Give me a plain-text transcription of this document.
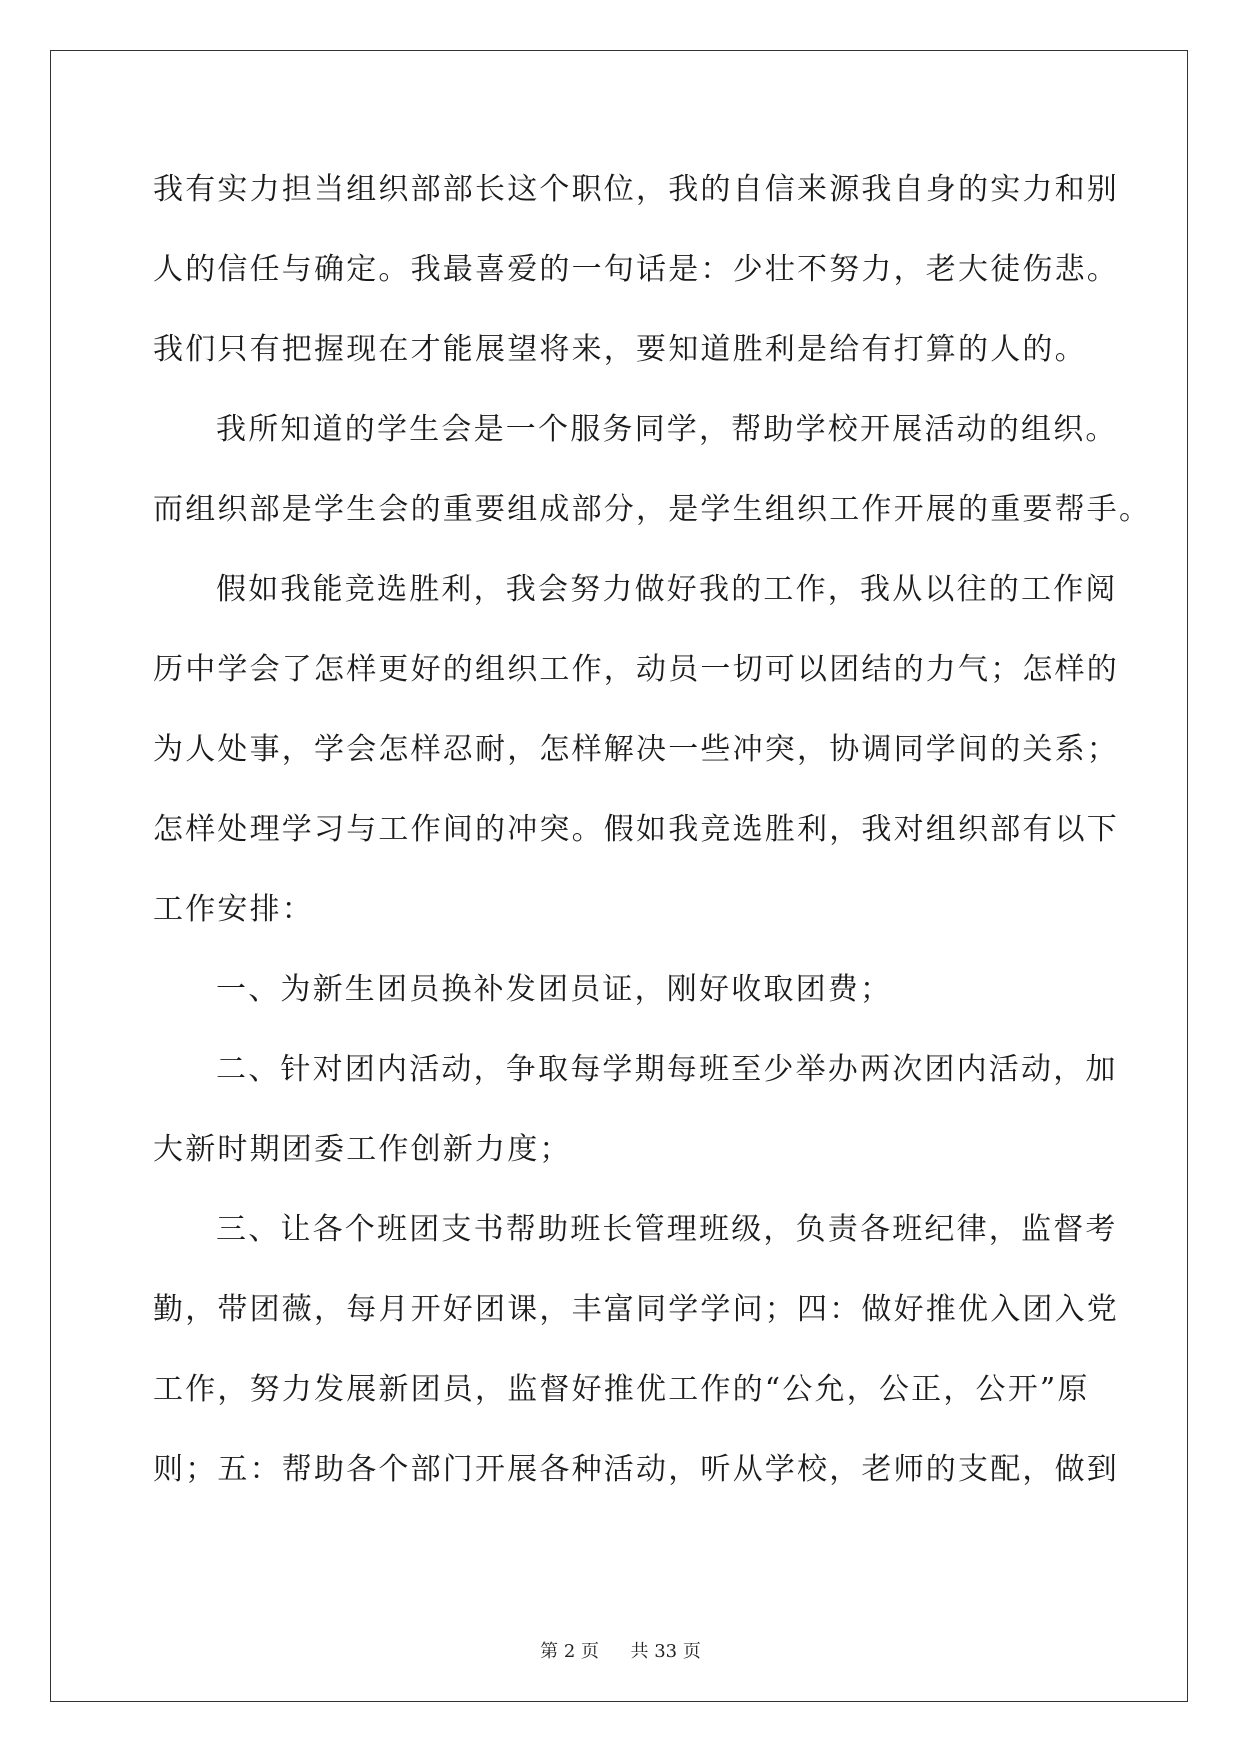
我有实力担当组织部部长这个职位，我的自信来源我自身的实力和别
人的信任与确定。我最喜爱的一句话是：少壮不努力，老大徒伤悲。
我们只有把握现在才能展望将来，要知道胜利是给有打算的人的。
我所知道的学生会是一个服务同学，帮助学校开展活动的组织。
而组织部是学生会的重要组成部分，是学生组织工作开展的重要帮手。
假如我能竞选胜利，我会努力做好我的工作，我从以往的工作阅
历中学会了怎样更好的组织工作，动员一切可以团结的力气；怎样的
为人处事，学会怎样忍耐，怎样解决一些冲突，协调同学间的关系；
怎样处理学习与工作间的冲突。假如我竞选胜利，我对组织部有以下
工作安排：
一、为新生团员换补发团员证，刚好收取团费；
二、针对团内活动，争取每学期每班至少举办两次团内活动，加
大新时期团委工作创新力度；
三、让各个班团支书帮助班长管理班级，负责各班纪律，监督考
勤，带团薇，每月开好团课，丰富同学学问；四：做好推优入团入党
工作，努力发展新团员，监督好推优工作的“公允，公正，公开”原
则；五：帮助各个部门开展各种活动，听从学校，老师的支配，做到
第 2 页 共 33 页
